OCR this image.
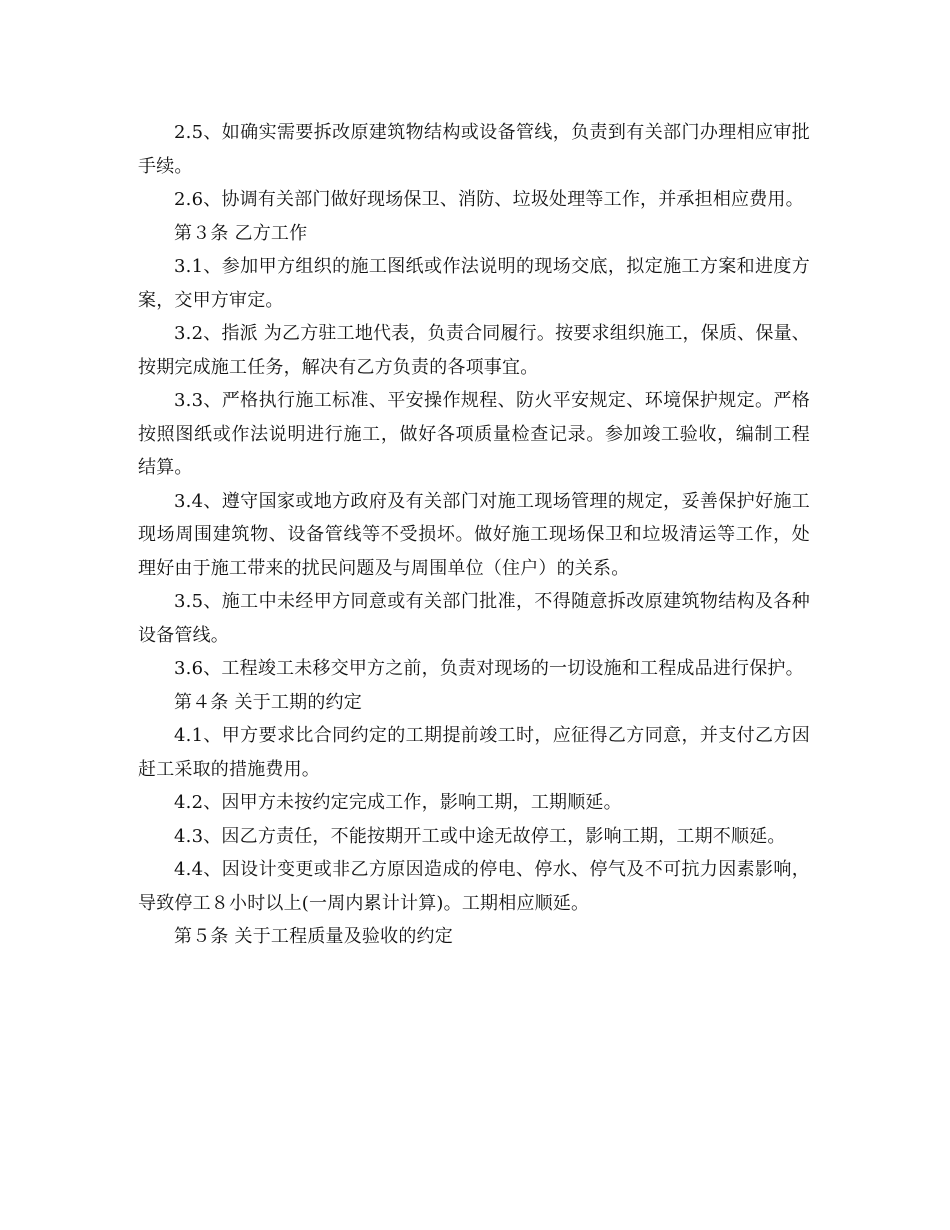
2.5、如确实需要拆改原建筑物结构或设备管线，负责到有关部门办理相应审批手续。

2.6、协调有关部门做好现场保卫、消防、垃圾处理等工作，并承担相应费用。

第３条 乙方工作

3.1、参加甲方组织的施工图纸或作法说明的现场交底，拟定施工方案和进度方案，交甲方审定。

3.2、指派 为乙方驻工地代表，负责合同履行。按要求组织施工，保质、保量、按期完成施工任务，解决有乙方负责的各项事宜。

3.3、严格执行施工标准、平安操作规程、防火平安规定、环境保护规定。严格按照图纸或作法说明进行施工，做好各项质量检查记录。参加竣工验收，编制工程结算。

3.4、遵守国家或地方政府及有关部门对施工现场管理的规定，妥善保护好施工现场周围建筑物、设备管线等不受损坏。做好施工现场保卫和垃圾清运等工作，处理好由于施工带来的扰民问题及与周围单位（住户）的关系。

3.5、施工中未经甲方同意或有关部门批准，不得随意拆改原建筑物结构及各种设备管线。

3.6、工程竣工未移交甲方之前，负责对现场的一切设施和工程成品进行保护。

第４条 关于工期的约定

4.1、甲方要求比合同约定的工期提前竣工时，应征得乙方同意，并支付乙方因赶工采取的措施费用。

4.2、因甲方未按约定完成工作，影响工期，工期顺延。

4.3、因乙方责任，不能按期开工或中途无故停工，影响工期，工期不顺延。

4.4、因设计变更或非乙方原因造成的停电、停水、停气及不可抗力因素影响，导致停工８小时以上(一周内累计计算)。工期相应顺延。

第５条 关于工程质量及验收的约定
